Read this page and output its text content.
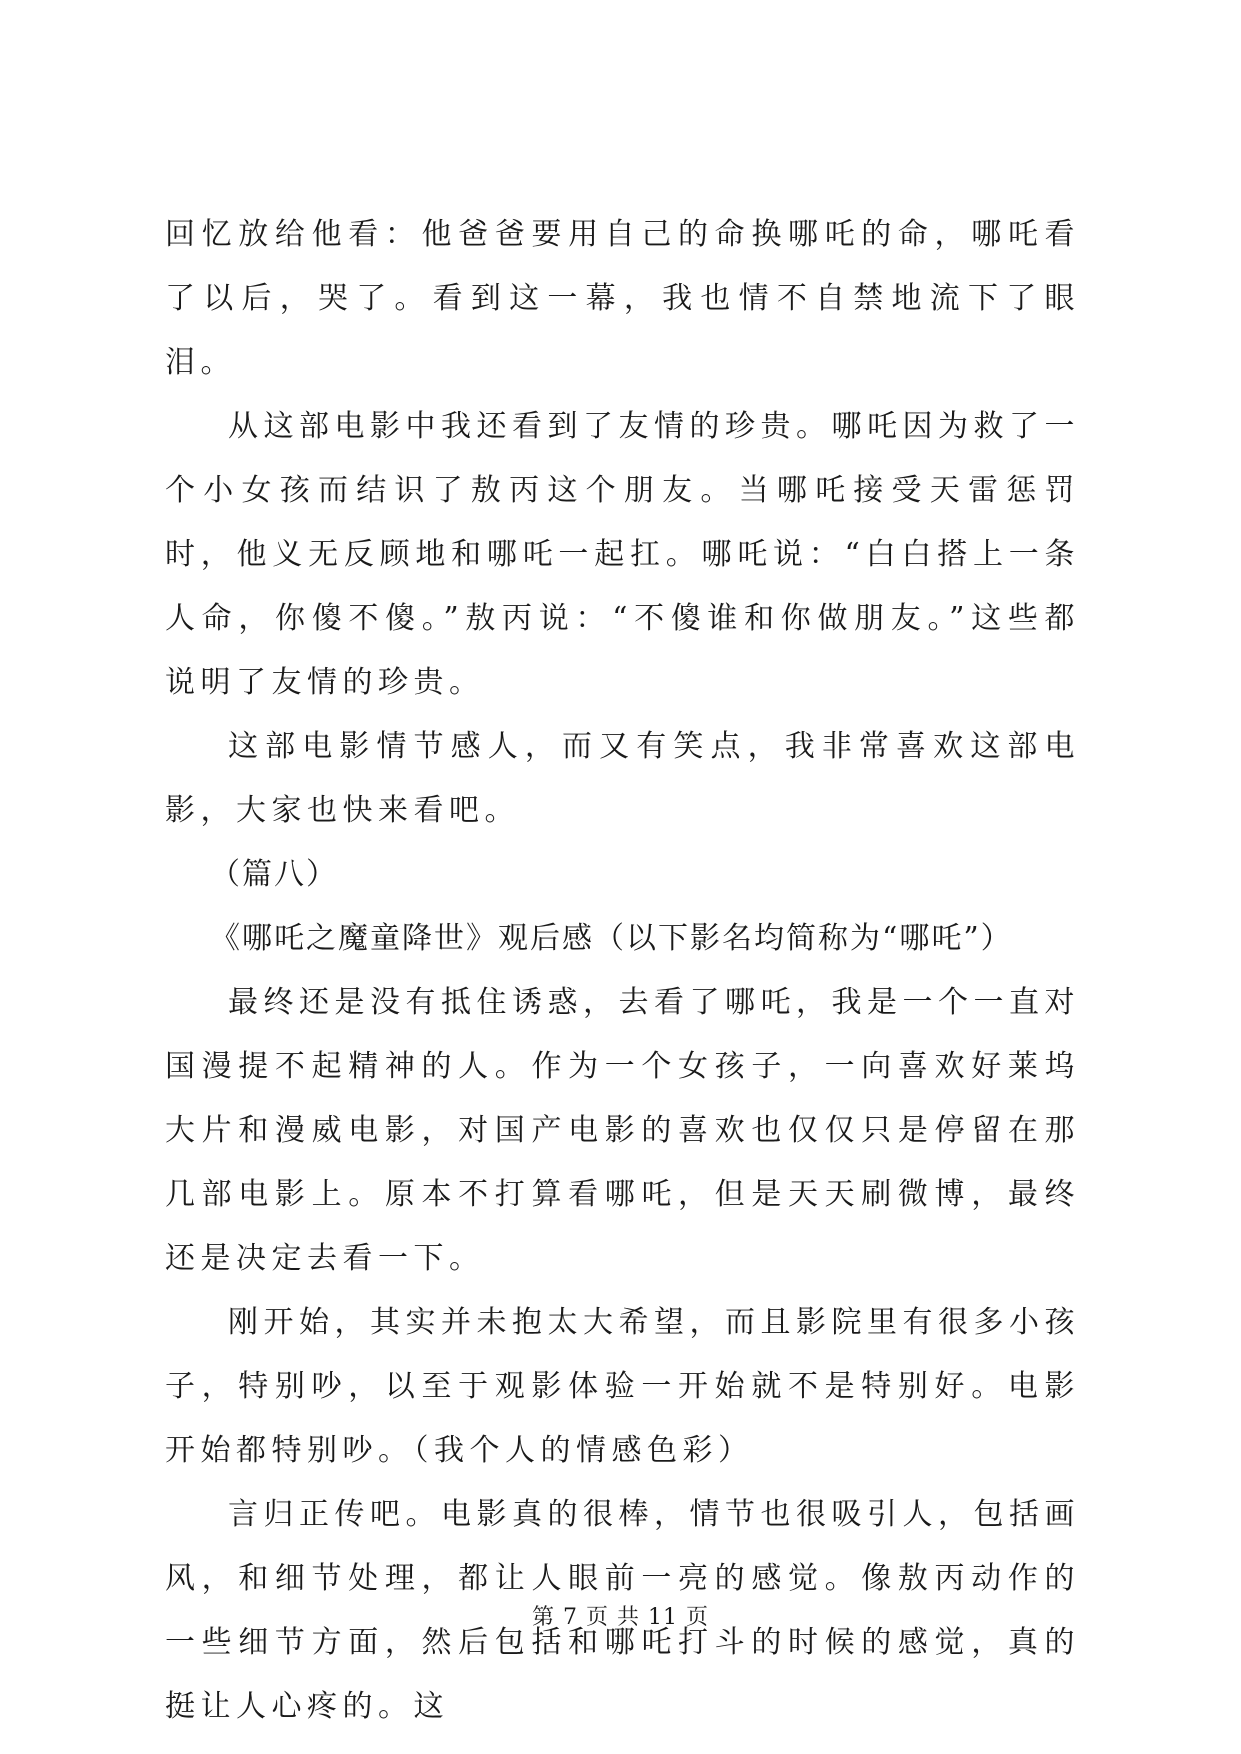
回忆放给他看：他爸爸要用自己的命换哪吒的命，哪吒看了以后，哭了。看到这一幕，我也情不自禁地流下了眼泪。

从这部电影中我还看到了友情的珍贵。哪吒因为救了一个小女孩而结识了敖丙这个朋友。当哪吒接受天雷惩罚时，他义无反顾地和哪吒一起扛。哪吒说：“白白搭上一条人命，你傻不傻。”敖丙说：“不傻谁和你做朋友。”这些都说明了友情的珍贵。

这部电影情节感人，而又有笑点，我非常喜欢这部电影，大家也快来看吧。

（篇八）

《哪吒之魔童降世》观后感（以下影名均简称为“哪吒”）

最终还是没有抵住诱惑，去看了哪吒，我是一个一直对国漫提不起精神的人。作为一个女孩子，一向喜欢好莱坞大片和漫威电影，对国产电影的喜欢也仅仅只是停留在那几部电影上。原本不打算看哪吒，但是天天刷微博，最终还是决定去看一下。

刚开始，其实并未抱太大希望，而且影院里有很多小孩子，特别吵，以至于观影体验一开始就不是特别好。电影开始都特别吵。（我个人的情感色彩）

言归正传吧。电影真的很棒，情节也很吸引人，包括画风，和细节处理，都让人眼前一亮的感觉。像敖丙动作的一些细节方面，然后包括和哪吒打斗的时候的感觉，真的挺让人心疼的。这

第 7 页 共 11 页
